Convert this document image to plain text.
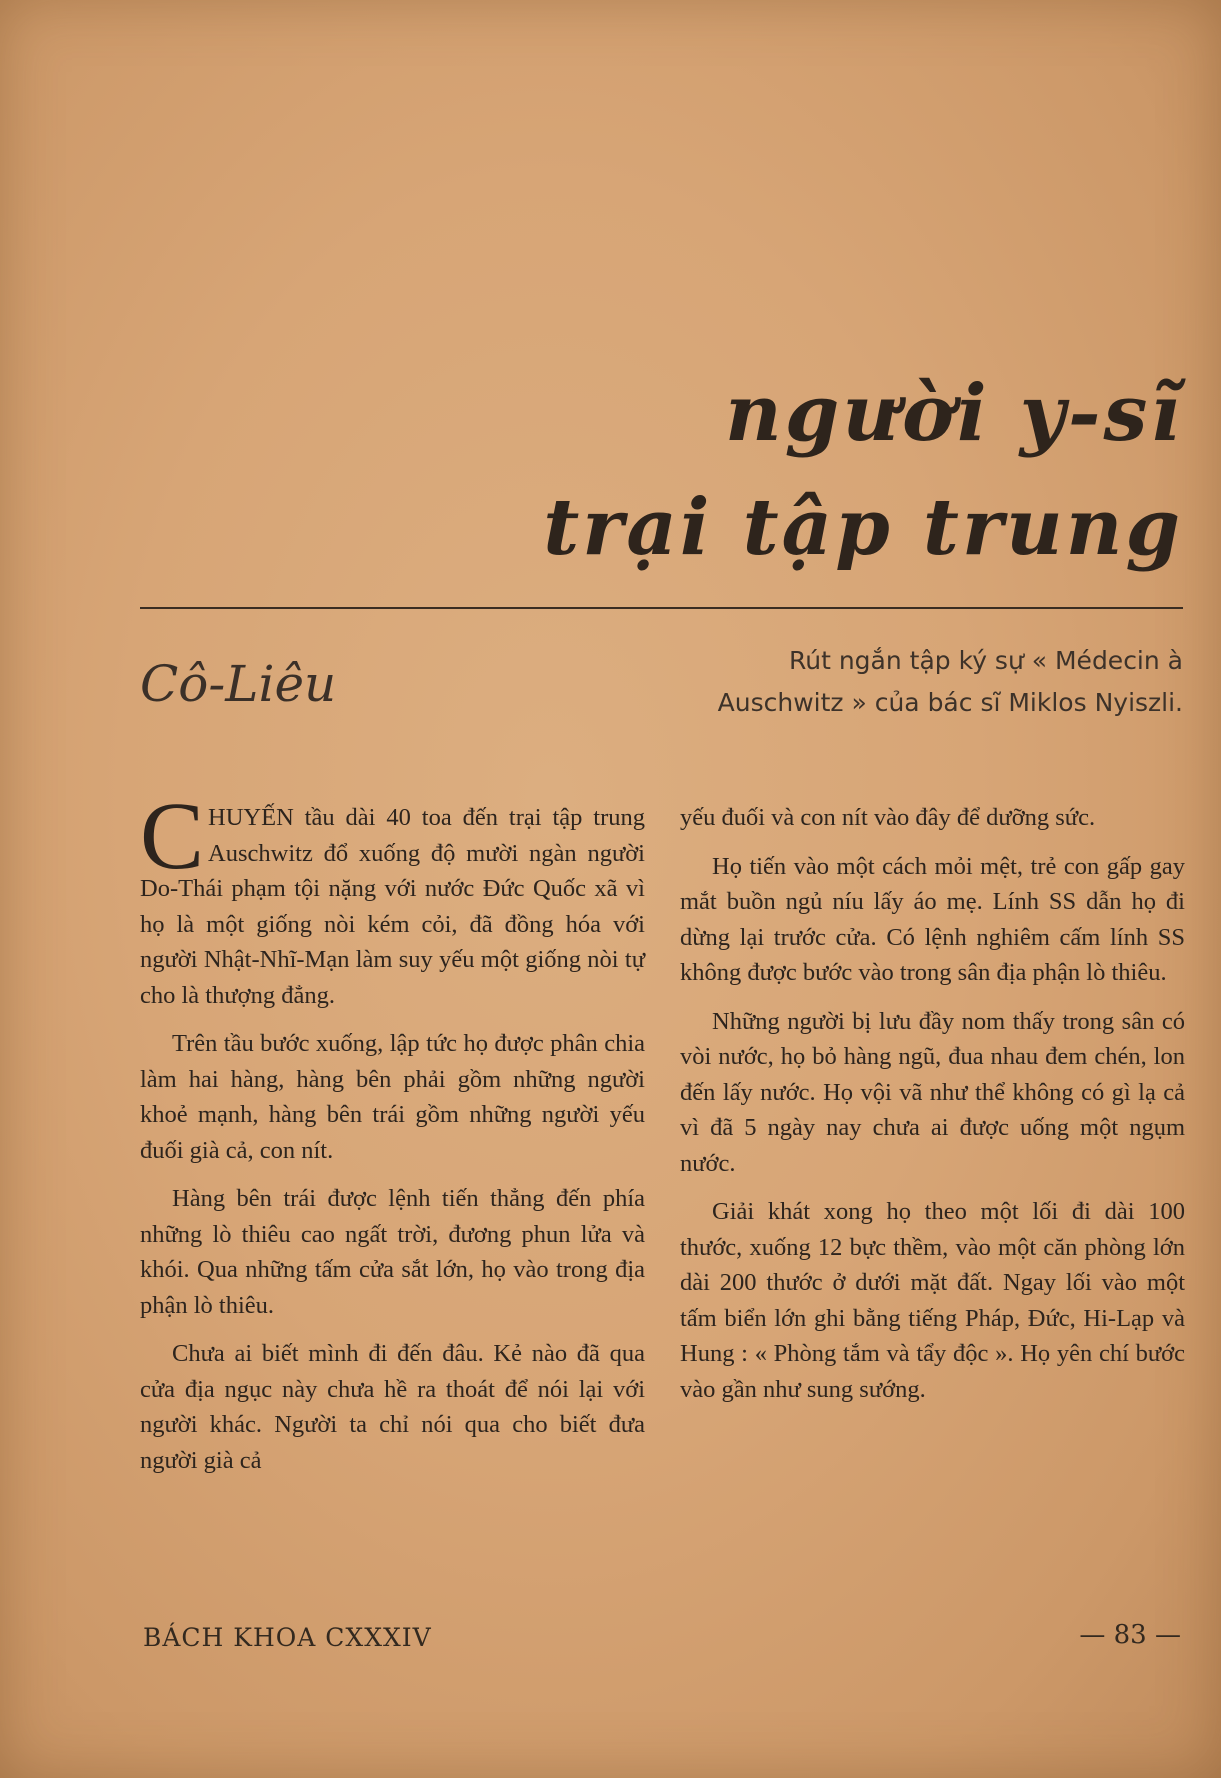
người y-sĩ
trại tập trung
Cô-Liêu	Rút ngắn tập ký sự « Médecin à Auschwitz » của bác sĩ Miklos Nyiszli.

CHUYẾN tầu dài 40 toa đến trại tập trung Auschwitz đổ xuống độ mười ngàn người Do-Thái phạm tội nặng với nước Đức Quốc xã vì họ là một giống nòi kém cỏi, đã đồng hóa với người Nhật-Nhĩ-Mạn làm suy yếu một giống nòi tự cho là thượng đẳng.

Trên tầu bước xuống, lập tức họ được phân chia làm hai hàng, hàng bên phải gồm những người khoẻ mạnh, hàng bên trái gồm những người yếu đuối già cả, con nít.

Hàng bên trái được lệnh tiến thẳng đến phía những lò thiêu cao ngất trời, đương phun lửa và khói. Qua những tấm cửa sắt lớn, họ vào trong địa phận lò thiêu.

Chưa ai biết mình đi đến đâu. Kẻ nào đã qua cửa địa ngục này chưa hề ra thoát để nói lại với người khác. Người ta chỉ nói qua cho biết đưa người già cả

yếu đuối và con nít vào đây để dưỡng sức.

Họ tiến vào một cách mỏi mệt, trẻ con gấp gay mắt buồn ngủ níu lấy áo mẹ. Lính SS dẫn họ đi dừng lại trước cửa. Có lệnh nghiêm cấm lính SS không được bước vào trong sân địa phận lò thiêu.

Những người bị lưu đầy nom thấy trong sân có vòi nước, họ bỏ hàng ngũ, đua nhau đem chén, lon đến lấy nước. Họ vội vã như thể không có gì lạ cả vì đã 5 ngày nay chưa ai được uống một ngụm nước.

Giải khát xong họ theo một lối đi dài 100 thước, xuống 12 bực thềm, vào một căn phòng lớn dài 200 thước ở dưới mặt đất. Ngay lối vào một tấm biển lớn ghi bằng tiếng Pháp, Đức, Hi-Lạp và Hung : « Phòng tắm và tẩy độc ». Họ yên chí bước vào gần như sung sướng.

BÁCH KHOA CXXXIV	— 83 —
